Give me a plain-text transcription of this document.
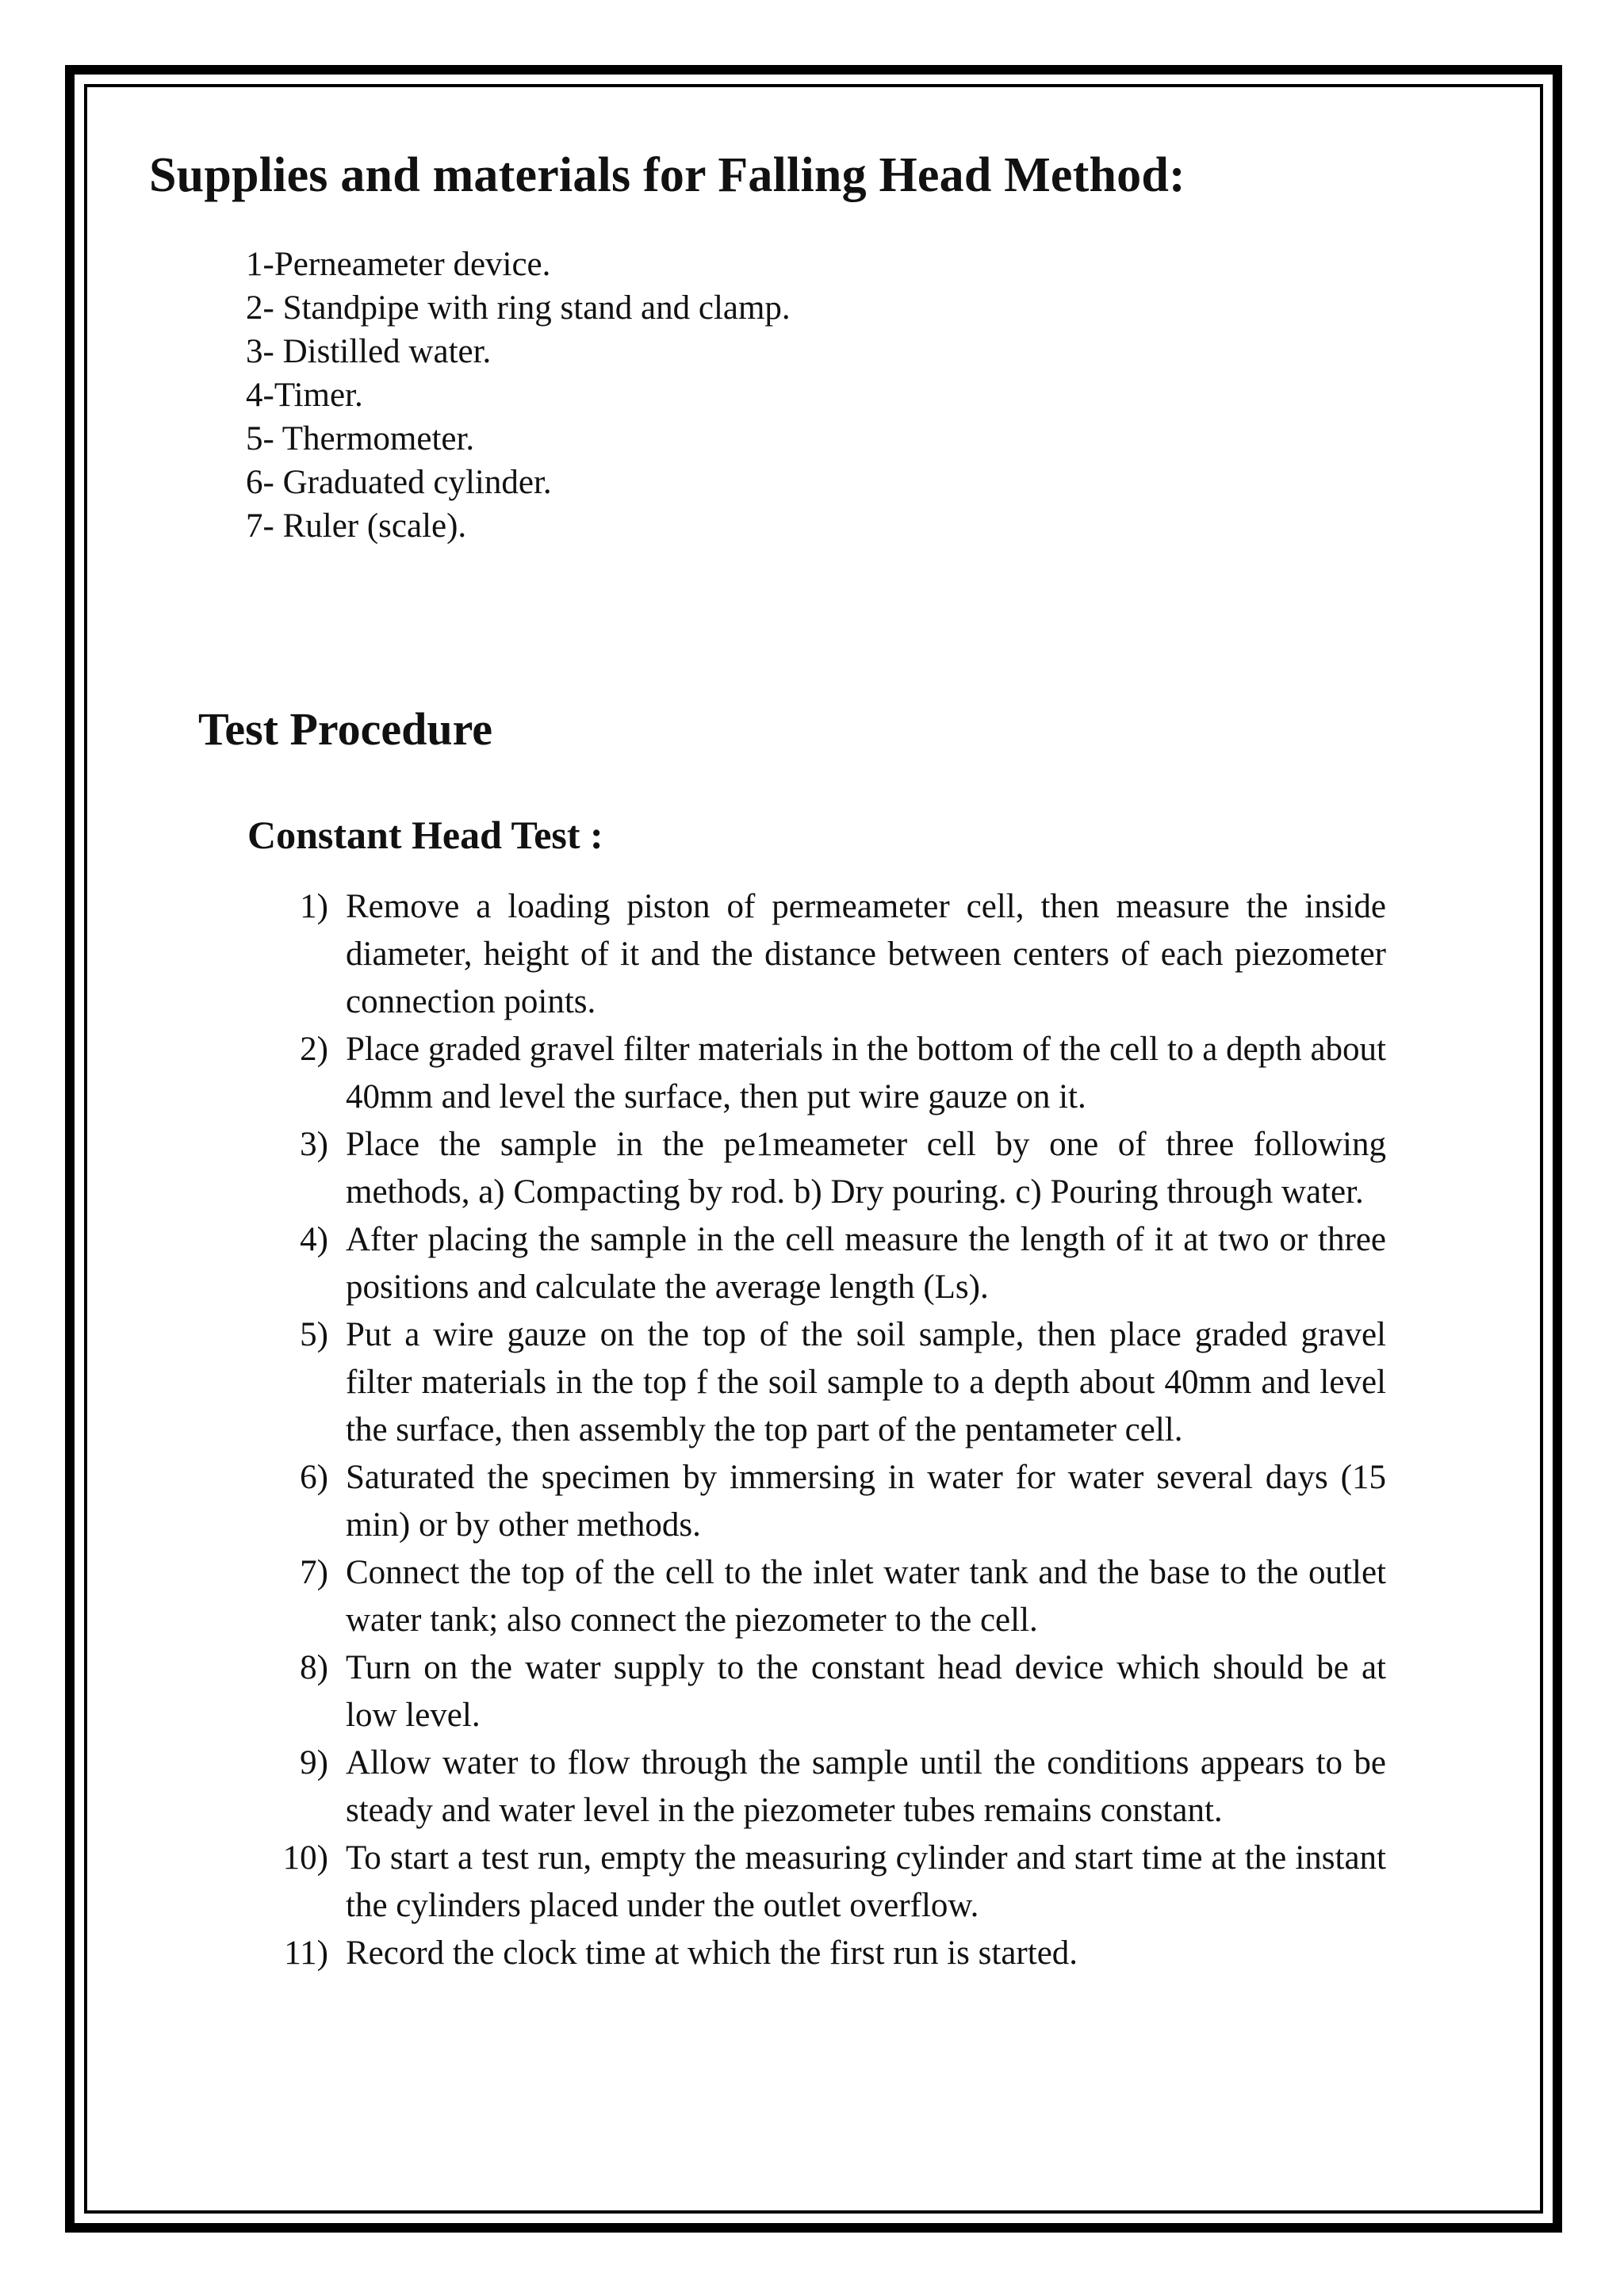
Supplies and materials for Falling Head Method:
1-Perneameter device.
2- Standpipe with ring stand and clamp.
3- Distilled water.
4-Timer.
5- Thermometer.
6- Graduated cylinder.
7- Ruler (scale).
Test Procedure
Constant Head Test :
1) Remove a loading piston of permeameter cell, then measure the inside diameter, height of it and the distance between centers of each piezometer connection points.
2) Place graded gravel filter materials in the bottom of the cell to a depth about 40mm and level the surface, then put wire gauze on it.
3) Place the sample in the pe1meameter cell by one of three following methods, a) Compacting by rod. b) Dry pouring. c) Pouring through water.
4) After placing the sample in the cell measure the length of it at two or three positions and calculate the average length (Ls).
5) Put a wire gauze on the top of the soil sample, then place graded gravel filter materials in the top f the soil sample to a depth about 40mm and level the surface, then assembly the top part of the pentameter cell.
6) Saturated the specimen by immersing in water for water several days (15 min) or by other methods.
7) Connect the top of the cell to the inlet water tank and the base to the outlet water tank; also connect the piezometer to the cell.
8) Turn on the water supply to the constant head device which should be at low level.
9) Allow water to flow through the sample until the conditions appears to be steady and water level in the piezometer tubes remains constant.
10) To start a test run, empty the measuring cylinder and start time at the instant the cylinders placed under the outlet overflow.
11) Record the clock time at which the first run is started.
